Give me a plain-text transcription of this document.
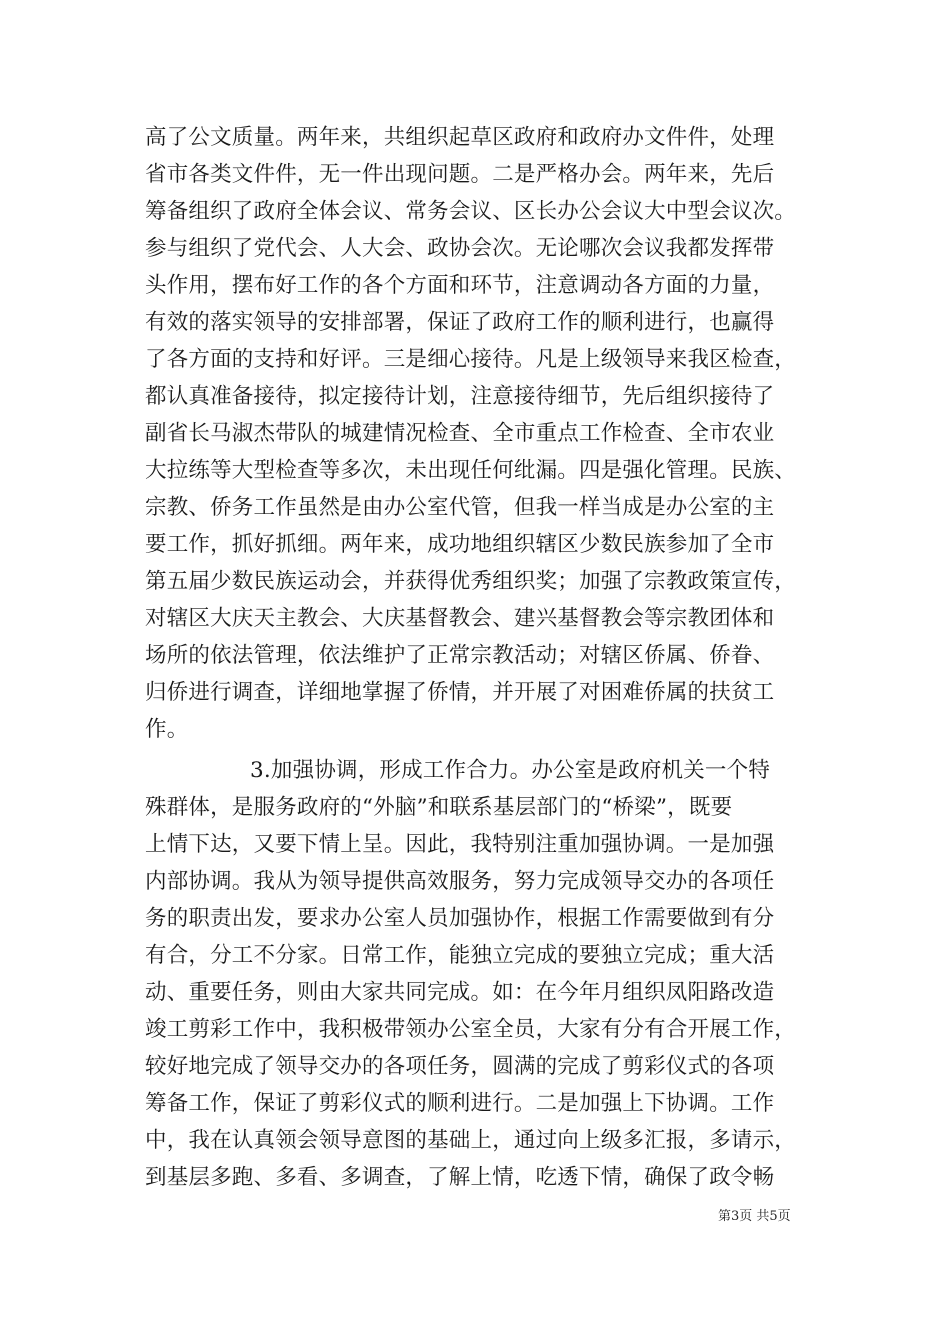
高了公文质量。两年来，共组织起草区政府和政府办文件件，处理
省市各类文件件，无一件出现问题。二是严格办会。两年来，先后
筹备组织了政府全体会议、常务会议、区长办公会议大中型会议次。
参与组织了党代会、人大会、政协会次。无论哪次会议我都发挥带
头作用，摆布好工作的各个方面和环节，注意调动各方面的力量，
有效的落实领导的安排部署，保证了政府工作的顺利进行，也赢得
了各方面的支持和好评。三是细心接待。凡是上级领导来我区检查，
都认真准备接待，拟定接待计划，注意接待细节，先后组织接待了
副省长马淑杰带队的城建情况检查、全市重点工作检查、全市农业
大拉练等大型检查等多次，未出现任何纰漏。四是强化管理。民族、
宗教、侨务工作虽然是由办公室代管，但我一样当成是办公室的主
要工作，抓好抓细。两年来，成功地组织辖区少数民族参加了全市
第五届少数民族运动会，并获得优秀组织奖；加强了宗教政策宣传，
对辖区大庆天主教会、大庆基督教会、建兴基督教会等宗教团体和
场所的依法管理，依法维护了正常宗教活动；对辖区侨属、侨眷、
归侨进行调查，详细地掌握了侨情，并开展了对困难侨属的扶贫工
作。
3.加强协调，形成工作合力。办公室是政府机关一个特
殊群体，是服务政府的“外脑”和联系基层部门的“桥梁”，既要
上情下达，又要下情上呈。因此，我特别注重加强协调。一是加强
内部协调。我从为领导提供高效服务，努力完成领导交办的各项任
务的职责出发，要求办公室人员加强协作，根据工作需要做到有分
有合，分工不分家。日常工作，能独立完成的要独立完成；重大活
动、重要任务，则由大家共同完成。如：在今年月组织凤阳路改造
竣工剪彩工作中，我积极带领办公室全员，大家有分有合开展工作，
较好地完成了领导交办的各项任务，圆满的完成了剪彩仪式的各项
筹备工作，保证了剪彩仪式的顺利进行。二是加强上下协调。工作
中，我在认真领会领导意图的基础上，通过向上级多汇报，多请示，
到基层多跑、多看、多调查，了解上情，吃透下情，确保了政令畅
第3页 共5页
